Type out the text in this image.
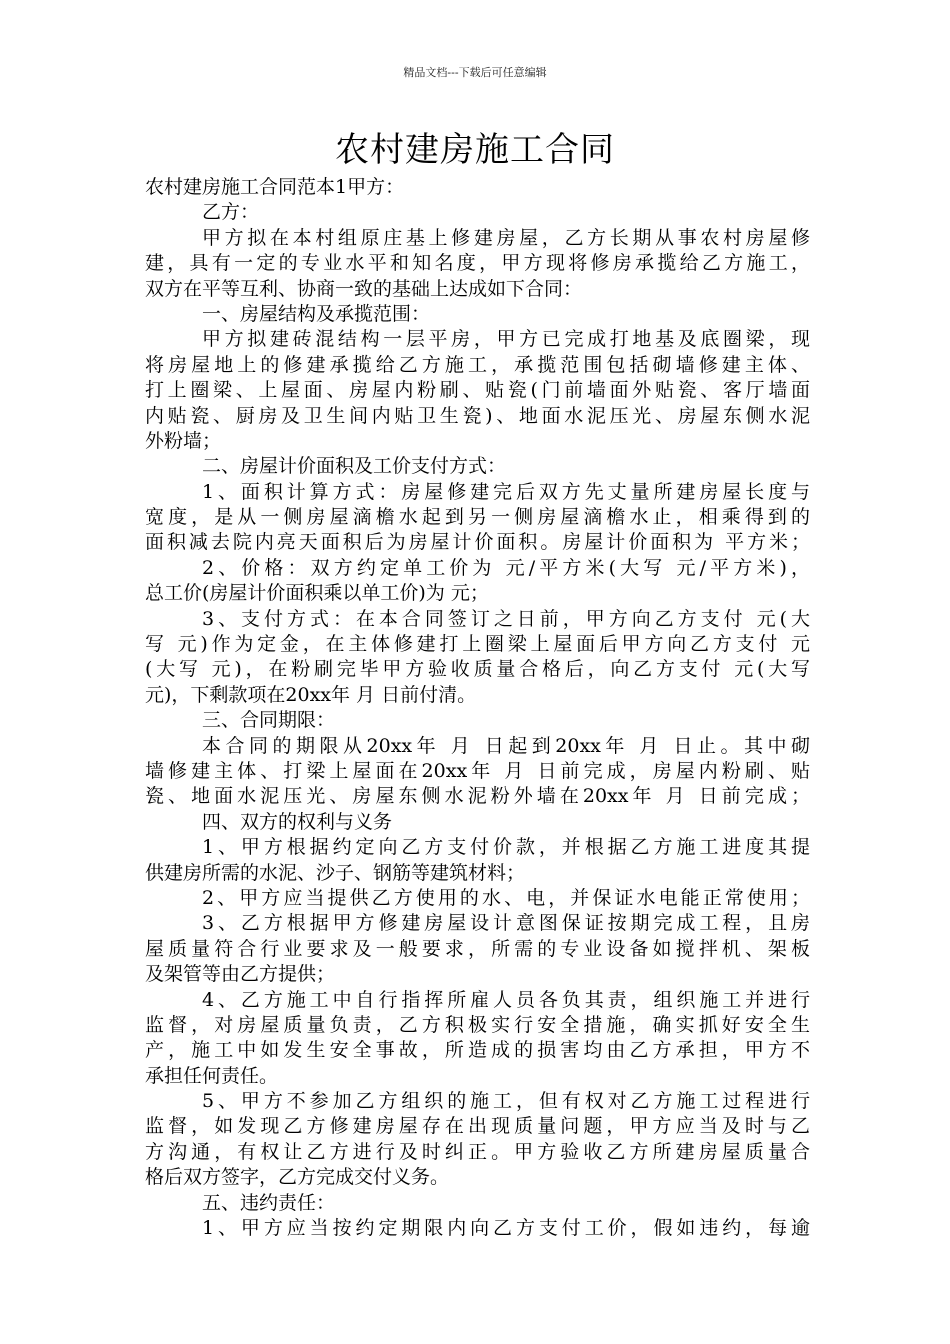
精品文档---下载后可任意编辑
农村建房施工合同
农村建房施工合同范本1甲方：
乙方：
甲方拟在本村组原庄基上修建房屋，乙方长期从事农村房屋修
建，具有一定的专业水平和知名度，甲方现将修房承揽给乙方施工，
双方在平等互利、协商一致的基础上达成如下合同：
一、房屋结构及承揽范围：
甲方拟建砖混结构一层平房，甲方已完成打地基及底圈梁，现
将房屋地上的修建承揽给乙方施工，承揽范围包括砌墙修建主体、
打上圈梁、上屋面、房屋内粉刷、贴瓷(门前墙面外贴瓷、客厅墙面
内贴瓷、厨房及卫生间内贴卫生瓷)、地面水泥压光、房屋东侧水泥
外粉墙；
二、房屋计价面积及工价支付方式：
1、面积计算方式：房屋修建完后双方先丈量所建房屋长度与
宽度，是从一侧房屋滴檐水起到另一侧房屋滴檐水止，相乘得到的
面积减去院内亮天面积后为房屋计价面积。房屋计价面积为 平方米；
2、价格：双方约定单工价为 元/平方米(大写 元/平方米)，
总工价(房屋计价面积乘以单工价)为 元；
3、支付方式：在本合同签订之日前，甲方向乙方支付 元(大
写 元)作为定金，在主体修建打上圈梁上屋面后甲方向乙方支付 元
(大写 元)，在粉刷完毕甲方验收质量合格后，向乙方支付 元(大写
元)，下剩款项在20xx年 月 日前付清。
三、合同期限：
本合同的期限从20xx年 月 日起到20xx年 月 日止。其中砌
墙修建主体、打梁上屋面在20xx年 月 日前完成，房屋内粉刷、贴
瓷、地面水泥压光、房屋东侧水泥粉外墙在20xx年 月 日前完成；
四、双方的权利与义务
1、甲方根据约定向乙方支付价款，并根据乙方施工进度其提
供建房所需的水泥、沙子、钢筋等建筑材料；
2、甲方应当提供乙方使用的水、电，并保证水电能正常使用；
3、乙方根据甲方修建房屋设计意图保证按期完成工程，且房
屋质量符合行业要求及一般要求，所需的专业设备如搅拌机、架板
及架管等由乙方提供；
4、乙方施工中自行指挥所雇人员各负其责，组织施工并进行
监督，对房屋质量负责，乙方积极实行安全措施，确实抓好安全生
产，施工中如发生安全事故，所造成的损害均由乙方承担，甲方不
承担任何责任。
5、甲方不参加乙方组织的施工，但有权对乙方施工过程进行
监督，如发现乙方修建房屋存在出现质量问题，甲方应当及时与乙
方沟通，有权让乙方进行及时纠正。甲方验收乙方所建房屋质量合
格后双方签字，乙方完成交付义务。
五、违约责任：
1、甲方应当按约定期限内向乙方支付工价，假如违约，每逾
